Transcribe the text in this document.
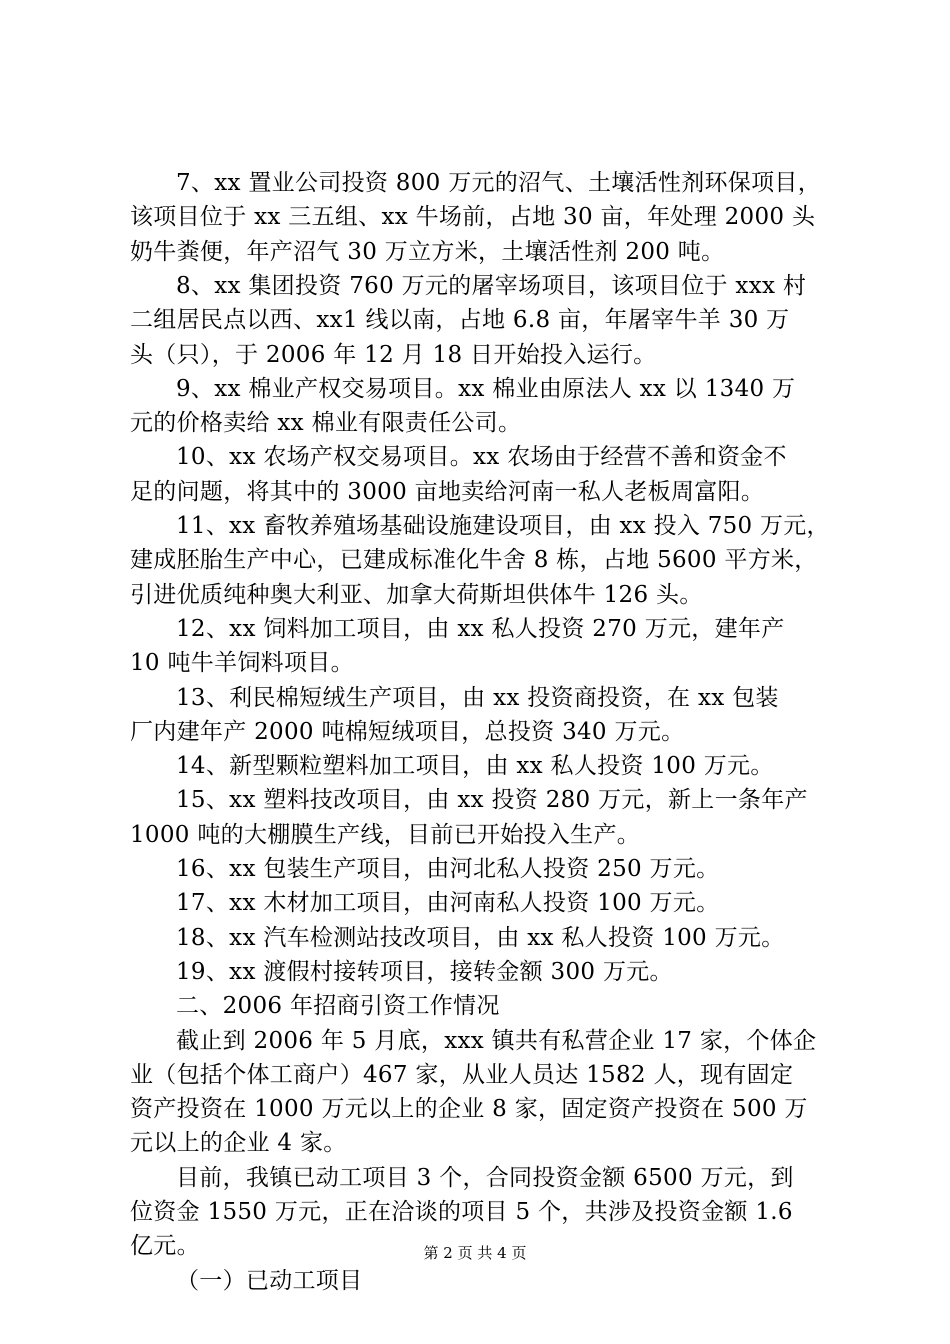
7、xx 置业公司投资 800 万元的沼气、土壤活性剂环保项目，
该项目位于 xx 三五组、xx 牛场前，占地 30 亩，年处理 2000 头
奶牛粪便，年产沼气 30 万立方米，土壤活性剂 200 吨。
8、xx 集团投资 760 万元的屠宰场项目，该项目位于 xxx 村
二组居民点以西、xx1 线以南，占地 6.8 亩，年屠宰牛羊 30 万
头（只），于 2006 年 12 月 18 日开始投入运行。
9、xx 棉业产权交易项目。xx 棉业由原法人 xx 以 1340 万
元的价格卖给 xx 棉业有限责任公司。
10、xx 农场产权交易项目。xx 农场由于经营不善和资金不
足的问题，将其中的 3000 亩地卖给河南一私人老板周富阳。
11、xx 畜牧养殖场基础设施建设项目，由 xx 投入 750 万元，
建成胚胎生产中心，已建成标准化牛舍 8 栋，占地 5600 平方米，
引进优质纯种奥大利亚、加拿大荷斯坦供体牛 126 头。
12、xx 饲料加工项目，由 xx 私人投资 270 万元，建年产
10 吨牛羊饲料项目。
13、利民棉短绒生产项目，由 xx 投资商投资，在 xx 包装
厂内建年产 2000 吨棉短绒项目，总投资 340 万元。
14、新型颗粒塑料加工项目，由 xx 私人投资 100 万元。
15、xx 塑料技改项目，由 xx 投资 280 万元，新上一条年产
1000 吨的大棚膜生产线，目前已开始投入生产。
16、xx 包装生产项目，由河北私人投资 250 万元。
17、xx 木材加工项目，由河南私人投资 100 万元。
18、xx 汽车检测站技改项目，由 xx 私人投资 100 万元。
19、xx 渡假村接转项目，接转金额 300 万元。
二、2006 年招商引资工作情况
截止到 2006 年 5 月底，xxx 镇共有私营企业 17 家，个体企
业（包括个体工商户）467 家，从业人员达 1582 人，现有固定
资产投资在 1000 万元以上的企业 8 家，固定资产投资在 500 万
元以上的企业 4 家。
目前，我镇已动工项目 3 个，合同投资金额 6500 万元，到
位资金 1550 万元，正在洽谈的项目 5 个，共涉及投资金额 1.6
亿元。
（一）已动工项目
第 2 页 共 4 页
